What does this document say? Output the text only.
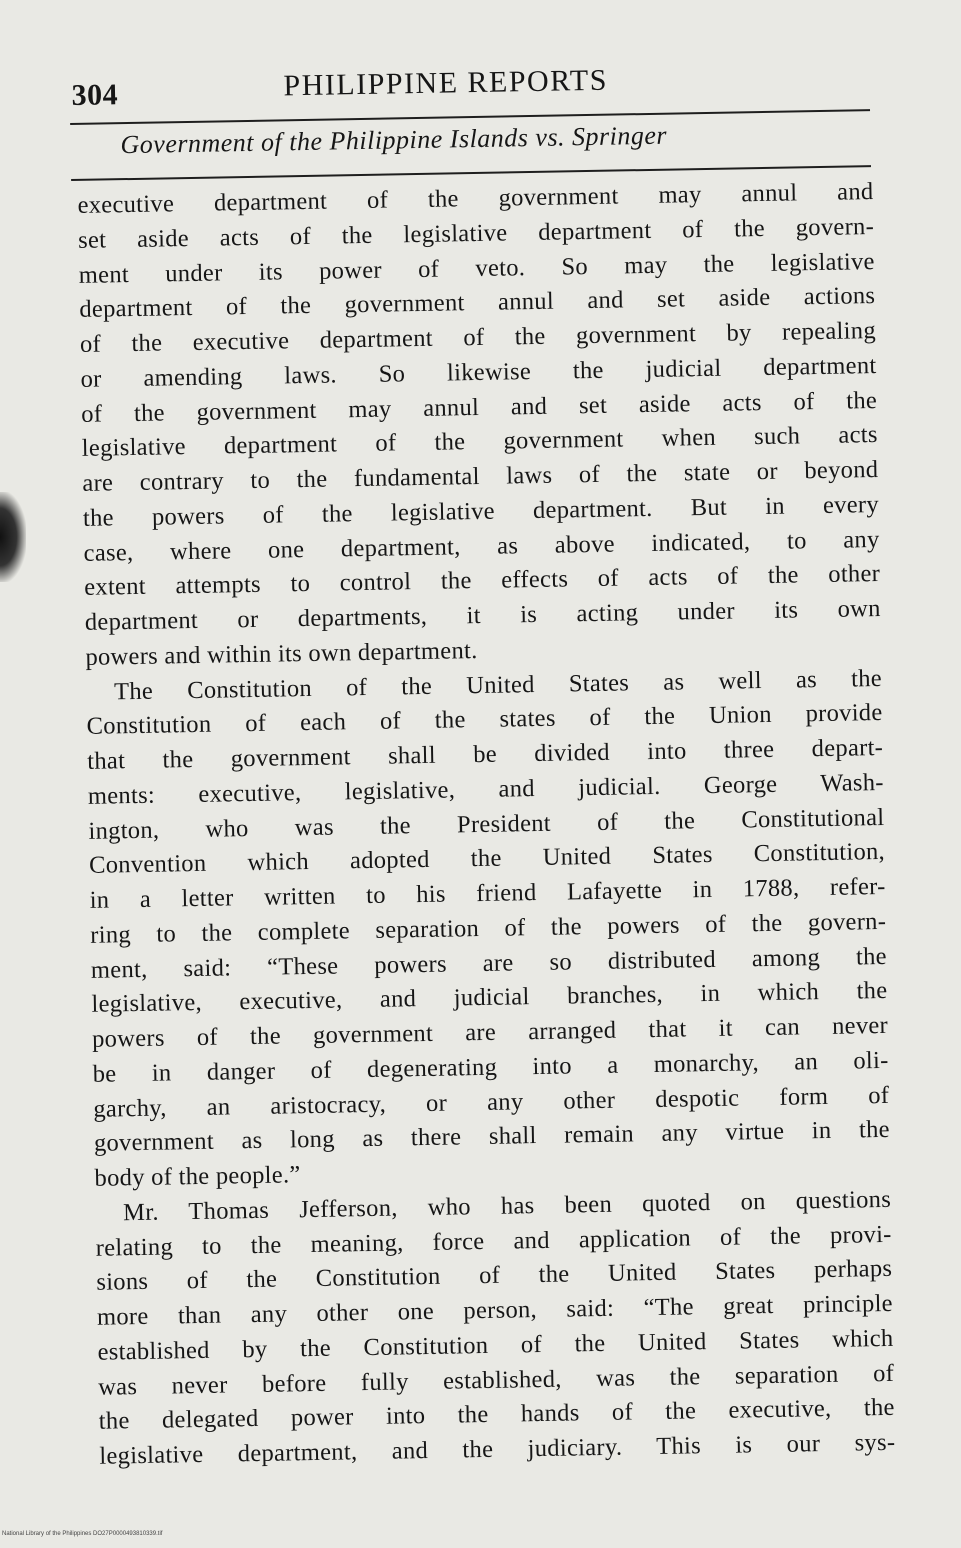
304	PHILIPPINE REPORTS
Government of the Philippine Islands vs. Springer
executive department of the government may annul and
set aside acts of the legislative department of the govern-
ment under its power of veto. So may the legislative
department of the government annul and set aside actions
of the executive department of the government by repealing
or amending laws. So likewise the judicial department
of the government may annul and set aside acts of the
legislative department of the government when such acts
are contrary to the fundamental laws of the state or beyond
the powers of the legislative department. But in every
case, where one department, as above indicated, to any
extent attempts to control the effects of acts of the other
department or departments, it is acting under its own
powers and within its own department.
The Constitution of the United States as well as the
Constitution of each of the states of the Union provide
that the government shall be divided into three depart-
ments: executive, legislative, and judicial. George Wash-
ington, who was the President of the Constitutional
Convention which adopted the United States Constitution,
in a letter written to his friend Lafayette in 1788, refer-
ring to the complete separation of the powers of the govern-
ment, said: “These powers are so distributed among the
legislative, executive, and judicial branches, in which the
powers of the government are arranged that it can never
be in danger of degenerating into a monarchy, an oli-
garchy, an aristocracy, or any other despotic form of
government as long as there shall remain any virtue in the
body of the people.”
Mr. Thomas Jefferson, who has been quoted on questions
relating to the meaning, force and application of the provi-
sions of the Constitution of the United States perhaps
more than any other one person, said: “The great principle
established by the Constitution of the United States which
was never before fully established, was the separation of
the delegated power into the hands of the executive, the
legislative department, and the judiciary. This is our sys-
National Library of the Philippines DO27P0000493810339.tif
